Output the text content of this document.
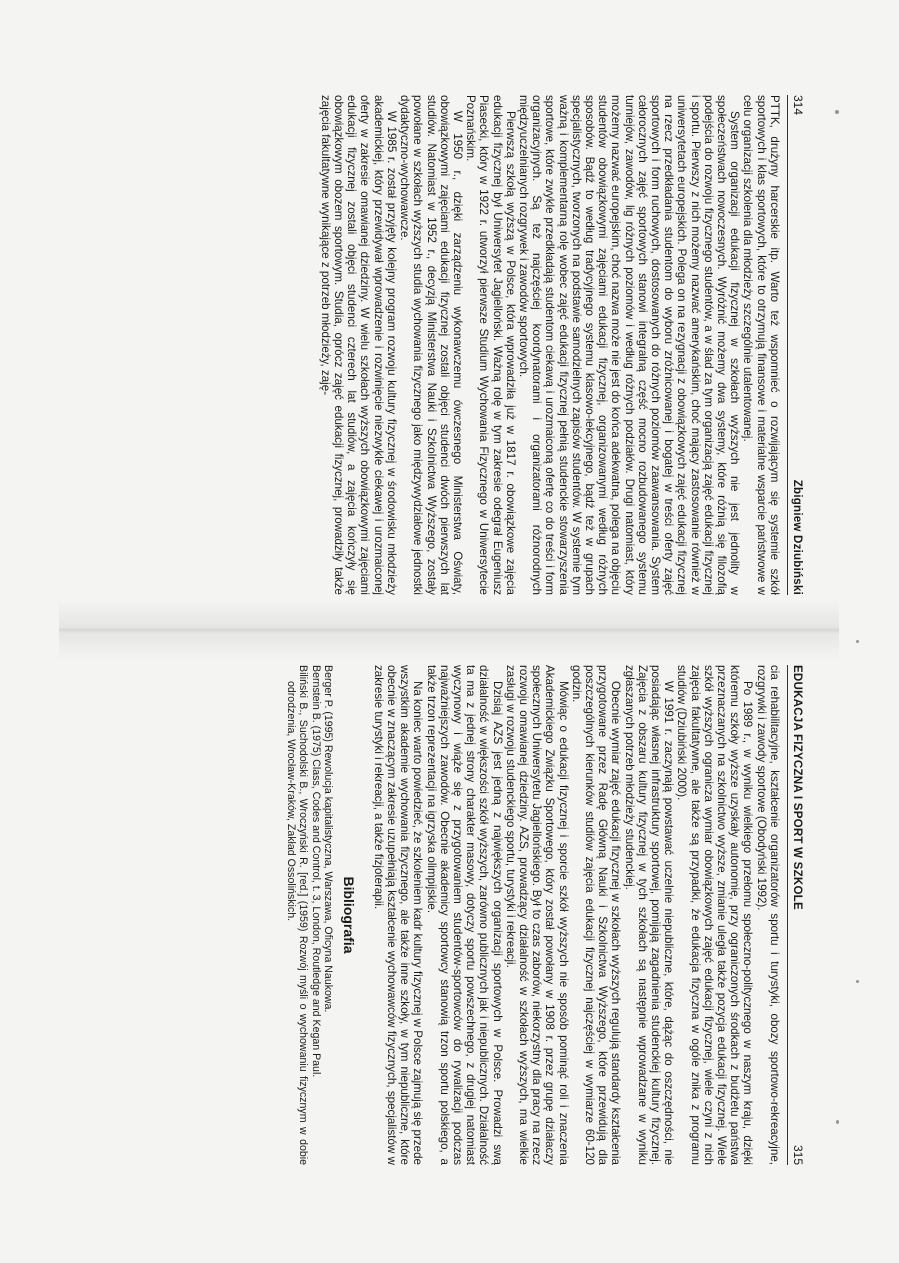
314
Zbigniew Dziubiński

PTTK, drużyny harcerskie itp. Warto też wspomnieć o rozwijającym się systemie szkół sportowych i klas sportowych, które to otrzymują finansowe i materialne wsparcie państwowe w celu organizacji szkolenia dla młodzieży szczególnie utalentowanej.

System organizacji edukacji fizycznej w szkołach wyższych nie jest jednolity w społeczeństwach nowoczesnych. Wyróżnić możemy dwa systemy, które różnią się filozofią podejścia do rozwoju fizycznego studentów, a w ślad za tym organizacją zajęć edukacji fizycznej i sportu. Pierwszy z nich możemy nazwać amerykańskim, choć mający zastosowanie również w uniwersytetach europejskich. Polega on na rezygnacji z obowiązkowych zajęć edukacji fizycznej na rzecz przedkładania studentom do wyboru zróżnicowanej i bogatej w treści oferty zajęć sportowych i form ruchowych, dostosowanych do różnych poziomów zaawansowania. System całorocznych zajęć sportowych stanowi integralną część mocno rozbudowanego systemu turniejów, zawodów, lig różnych poziomów i według różnych podziałów. Drugi natomiast, który możemy nazwać europejskim, choć nazwa może nie jest do końca adekwatna, polega na objęciu studentów obowiązkowymi zajęciami edukacji fizycznej, organizowanymi według różnych sposobów. Bądź to według tradycyjnego systemu klasowo-lekcyjnego, bądź też w grupach specjalistycznych, tworzonych na podstawie samodzielnych zapisów studentów. W systemie tym ważną i komplementarną rolę wobec zajęć edukacji fizycznej pełnią studenckie stowarzyszenia sportowe, które zwykle przedkładają studentom ciekawą i urozmaiconą ofertę co do treści i form organizacyjnych. Są też najczęściej koordynatorami i organizatorami różnorodnych międzyuczelnianych rozgrywek i zawodów sportowych.

Pierwszą szkołą wyższą w Polsce, która wprowadziła już w 1817 r. obowiązkowe zajęcia edukacji fizycznej był Uniwersytet Jagielloński. Ważną rolę w tym zakresie odegrał Eugeniusz Piasecki, który w 1922 r. utworzył pierwsze Studium Wychowania Fizycznego w Uniwersytecie Poznańskim.

W 1950 r., dzięki zarządzeniu wykonawczemu ówczesnego Ministerstwa Oświaty, obowiązkowymi zajęciami edukacji fizycznej zostali objęci studenci dwóch pierwszych lat studiów. Natomiast w 1952 r., decyzją Ministerstwa Nauki i Szkolnictwa Wyższego, zostały powołane w szkołach wyższych studia wychowania fizycznego jako międzywydziałowe jednostki dydaktyczno-wychowawcze.

W 1985 r. został przyjęty kolejny program rozwoju kultury fizycznej w środowisku młodzieży akademickiej, który przewidywał wprowadzenie i rozwinięcie niezwykle ciekawej i urozmaiconej oferty w zakresie omawianej dziedziny. W wielu szkołach wyższych obowiązkowymi zajęciami edukacji fizycznej zostali objęci studenci czterech lat studiów, a zajęcia kończyły się obowiązkowym obozem sportowym. Studia, oprócz zajęć edukacji fizycznej, prowadziły także zajęcia fakultatywne wynikające z potrzeb młodzieży, zaję-

EDUKACJA FIZYCZNA I SPORT W SZKOLE
315

cia rehabilitacyjne, kształcenie organizatorów sportu i turystyki, obozy sportowo-rekreacyjne, rozgrywki i zawody sportowe (Obodyński 1992).

Po 1989 r., w wyniku wielkiego przełomu społeczno-politycznego w naszym kraju, dzięki któremu szkoły wyższe uzyskały autonomię, przy ograniczonych środkach z budżetu państwa przeznaczanych na szkolnictwo wyższe, zmianie uległa także pozycja edukacji fizycznej. Wiele szkół wyższych ogranicza wymiar obowiązkowych zajęć edukacji fizycznej, wiele czyni z nich zajęcia fakultatywne, ale także są przypadki, że edukacja fizyczna w ogóle znika z programu studiów (Dziubiński 2000).

W 1991 r. zaczynają powstawać uczelnie niepubliczne, które, dążąc do oszczędności, nie posiadając własnej infrastruktury sportowej, pomijają zagadnienia studenckiej kultury fizycznej. Zajęcia z obszaru kultury fizycznej w tych szkołach są następnie wprowadzane w wyniku zgłaszanych potrzeb młodzieży studenckiej.

Obecnie wymiar zajęć edukacji fizycznej w szkołach wyższych regulują standardy kształcenia przygotowane przez Radę Główną Nauki i Szkolnictwa Wyższego, które przewidują dla poszczególnych kierunków studiów zajęcia edukacji fizycznej najczęściej w wymiarze 60-120 godzin.

Mówiąc o edukacji fizycznej i sporcie szkół wyższych nie sposób pominąć roli i znaczenia Akademickiego Związku Sportowego, który został powołany w 1908 r. przez grupę działaczy społecznych Uniwersytetu Jagiellońskiego. Był to czas zaborów, niekorzystny dla pracy na rzecz rozwoju omawianej dziedziny. AZS, prowadzący działalność w szkołach wyższych, ma wielkie zasługi w rozwoju studenckiego sportu, turystyki i rekreacji.

Dzisiaj AZS jest jedną z największych organizacji sportowych w Polsce. Prowadzi swą działalność w większości szkół wyższych, zarówno publicznych jak i niepublicznych. Działalność ta ma z jednej strony charakter masowy, dotyczy sportu powszechnego, z drugiej natomiast wyczynowy i wiąże się z przygotowaniem studentów-sportowców do rywalizacji podczas najważniejszych zawodów. Obecnie akademicy sportowcy stanowią trzon sportu polskiego, a także trzon reprezentacji na igrzyska olimpijskie.

Na koniec warto powiedzieć, że szkoleniem kadr kultury fizycznej w Polsce zajmują się przede wszystkim akademie wychowania fizycznego, ale także inne szkoły, w tym niepubliczne, które obecnie w znaczącym zakresie uzupełniają kształcenie wychowawców fizycznych, specjalistów w zakresie turystyki i rekreacji, a także fizjoterapii.

Bibliografia

Berger P. (1995) Rewolucja kapitalistyczna, Warszawa, Oficyna Naukowa.

Bernstein B. (1975) Class, Codes and Control, t. 3, London, Routledge and Kegan Paul.

Biliński B., Suchodolski B., Wroczyński R. [red.] (1959) Rozwój myśli o wychowaniu fizycznym w dobie odrodzenia, Wrocław-Kraków, Zakład Ossolińskich.
